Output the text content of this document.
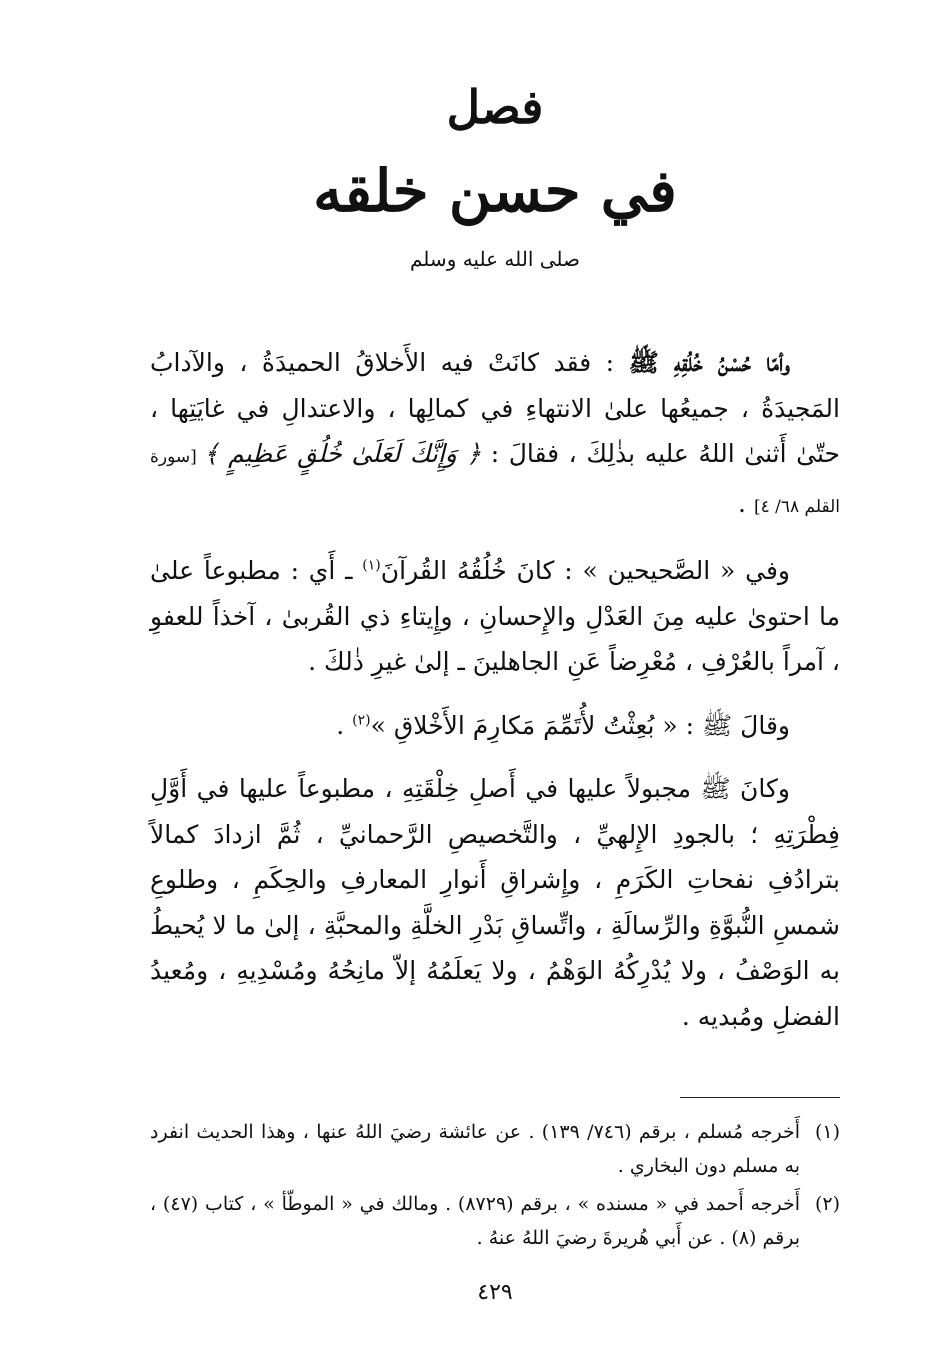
فصل
في حسن خلقه
صلى الله عليه وسلم

وأمّا حُسْنُ خُلُقِهِ ﷺ : فقد كانَتْ فيه الأَخلاقُ الحميدَةُ ، والآدابُ المَجيدَةُ ، جميعُها علىٰ الانتهاءِ في كمالِها ، والاعتدالِ في غايَتِها ، حتّىٰ أَثنىٰ اللهُ عليه بذٰلِكَ ، فقالَ : ﴿ وَإِنَّكَ لَعَلَىٰ خُلُقٍ عَظِيمٍ ﴾ [سورة القلم ٦٨/ ٤] .

وفي « الصَّحيحين » : كانَ خُلُقُهُ القُرآنَ$^{(١)}$ ـ أَي : مطبوعاً علىٰ ما احتوىٰ عليه مِنَ العَدْلِ والإِحسانِ ، وإِيتاءِ ذي القُربىٰ ، آخذاً للعفوِ ، آمراً بالعُرْفِ ، مُعْرِضاً عَنِ الجاهلينَ ـ إلىٰ غيرِ ذٰلكَ .

وقالَ ﷺ : « بُعِثْتُ لأُتَمِّمَ مَكارِمَ الأَخْلاقِ »$^{(٢)}$ .

وكانَ ﷺ مجبولاً عليها في أَصلِ خِلْقَتِهِ ، مطبوعاً عليها في أَوَّلِ فِطْرَتِهِ ؛ بالجودِ الإِلهيِّ ، والتَّخصيصِ الرَّحمانيِّ ، ثُمَّ ازدادَ كمالاً بترادُفِ نفحاتِ الكَرَمِ ، وإِشراقِ أَنوارِ المعارفِ والحِكَمِ ، وطلوعِ شمسِ النُّبوَّةِ والرِّسالَةِ ، واتِّساقِ بَدْرِ الخلَّةِ والمحبَّةِ ، إلىٰ ما لا يُحيطُ به الوَصْفُ ، ولا يُدْرِكُهُ الوَهْمُ ، ولا يَعلَمُهُ إلاّ مانِحُهُ ومُسْدِيهِ ، ومُعيدُ الفضلِ ومُبديه .

(١)
أَخرجه مُسلم ، برقم (٧٤٦/ ١٣٩) . عن عائشة رضيَ اللهُ عنها ، وهذا الحديث انفرد به مسلم دون البخاري .
(٢)
أَخرجه أَحمد في « مسنده » ، برقم (٨٧٢٩) . ومالك في « الموطّأ » ، كتاب (٤٧) ، برقم (٨) . عن أَبي هُريرةَ رضيَ اللهُ عنهُ .
٤٢٩
